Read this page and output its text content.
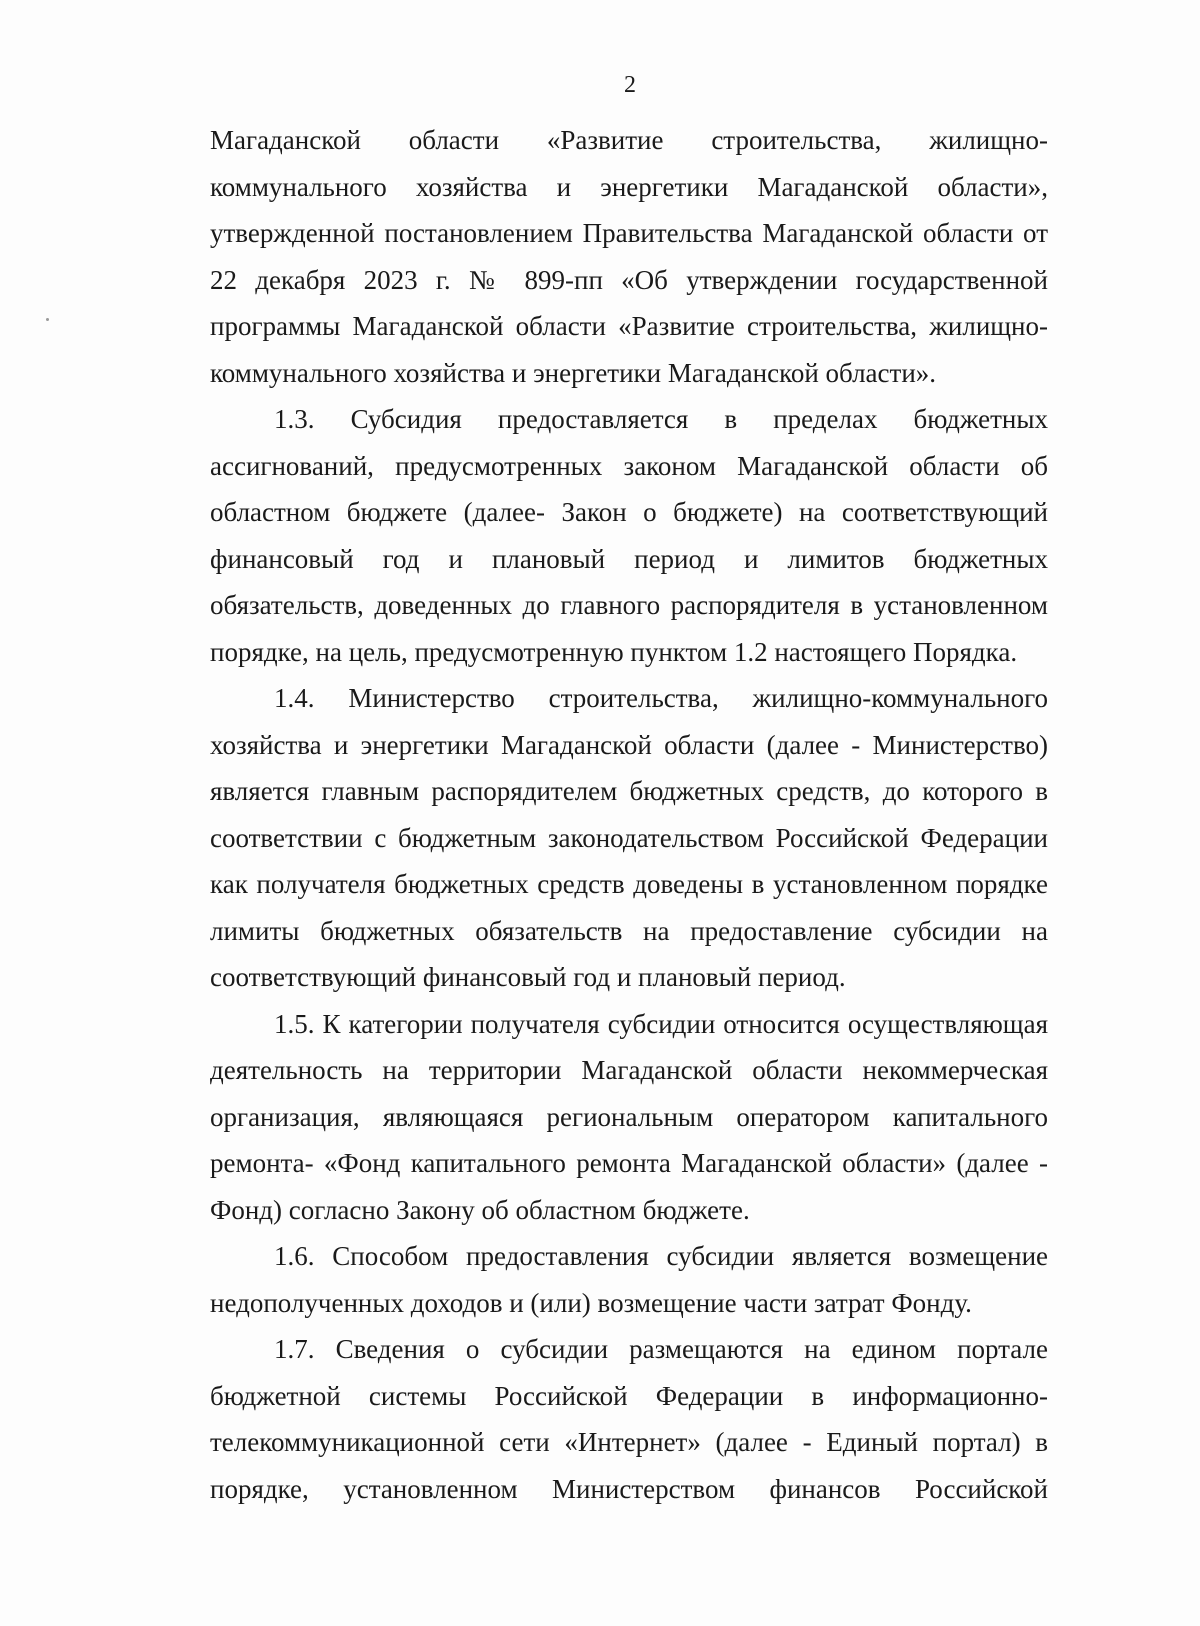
2

Магаданской области «Развитие строительства, жилищно-коммунального хозяйства и энергетики Магаданской области», утвержденной постановлением Правительства Магаданской области от 22 декабря 2023 г. № 899-пп «Об утверждении государственной программы Магаданской области «Развитие строительства, жилищно-коммунального хозяйства и энергетики Магаданской области».

1.3. Субсидия предоставляется в пределах бюджетных ассигнований, предусмотренных законом Магаданской области об областном бюджете (далее- Закон о бюджете) на соответствующий финансовый год и плановый период и лимитов бюджетных обязательств, доведенных до главного распорядителя в установленном порядке, на цель, предусмотренную пунктом 1.2 настоящего Порядка.

1.4. Министерство строительства, жилищно-коммунального хозяйства и энергетики Магаданской области (далее - Министерство) является главным распорядителем бюджетных средств, до которого в соответствии с бюджетным законодательством Российской Федерации как получателя бюджетных средств доведены в установленном порядке лимиты бюджетных обязательств на предоставление субсидии на соответствующий финансовый год и плановый период.

1.5. К категории получателя субсидии относится осуществляющая деятельность на территории Магаданской области некоммерческая организация, являющаяся региональным оператором капитального ремонта- «Фонд капитального ремонта Магаданской области» (далее - Фонд) согласно Закону об областном бюджете.

1.6. Способом предоставления субсидии является возмещение недополученных доходов и (или) возмещение части затрат Фонду.

1.7. Сведения о субсидии размещаются на едином портале бюджетной системы Российской Федерации в информационно-телекоммуникационной сети «Интернет» (далее - Единый портал) в порядке, установленном Министерством финансов Российской
